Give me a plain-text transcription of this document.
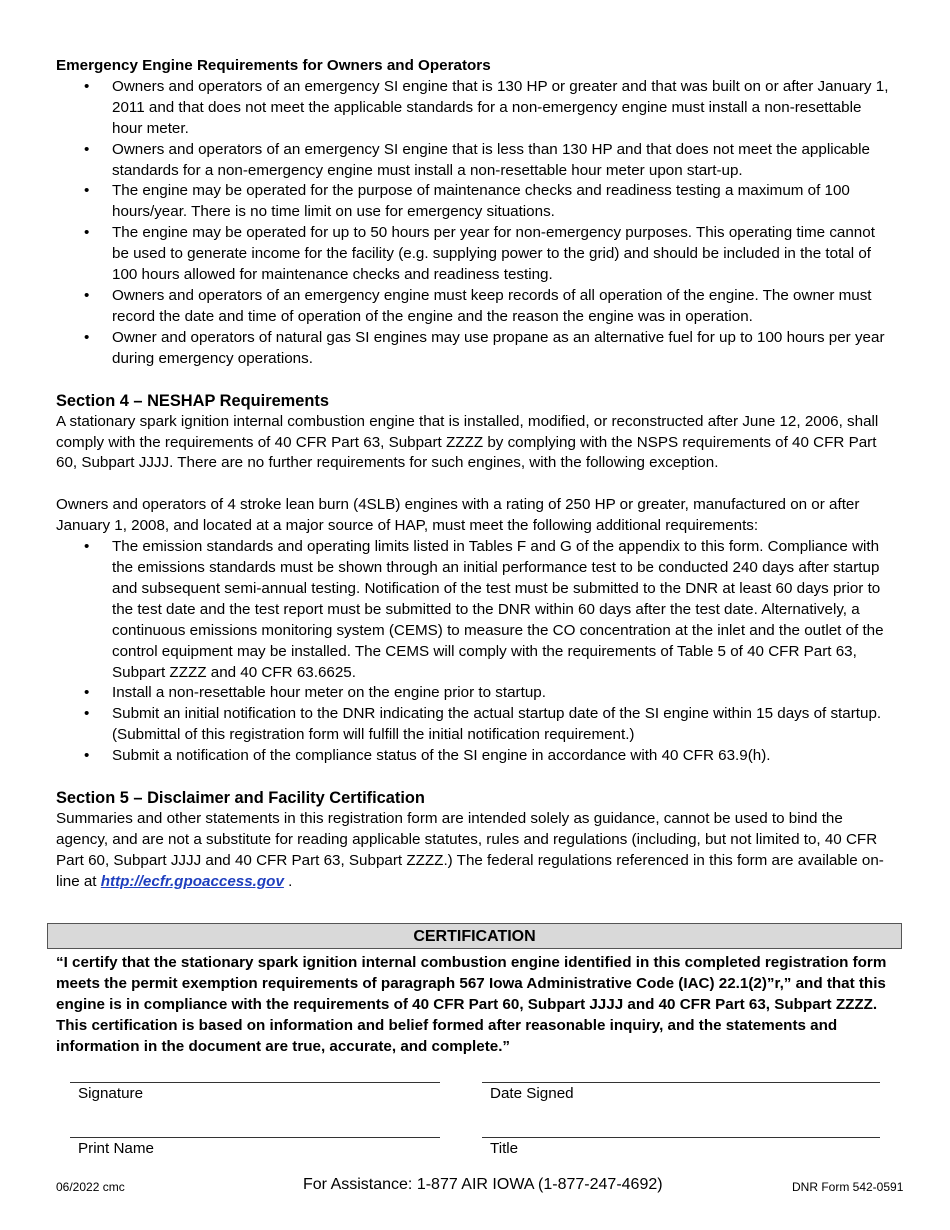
Emergency Engine Requirements for Owners and Operators
• Owners and operators of an emergency SI engine that is 130 HP or greater and that was built on or after January 1, 2011 and that does not meet the applicable standards for a non-emergency engine must install a non-resettable hour meter.
• Owners and operators of an emergency SI engine that is less than 130 HP and that does not meet the applicable standards for a non-emergency engine must install a non-resettable hour meter upon start-up.
• The engine may be operated for the purpose of maintenance checks and readiness testing a maximum of 100 hours/year. There is no time limit on use for emergency situations.
• The engine may be operated for up to 50 hours per year for non-emergency purposes. This operating time cannot be used to generate income for the facility (e.g. supplying power to the grid) and should be included in the total of 100 hours allowed for maintenance checks and readiness testing.
• Owners and operators of an emergency engine must keep records of all operation of the engine. The owner must record the date and time of operation of the engine and the reason the engine was in operation.
• Owner and operators of natural gas SI engines may use propane as an alternative fuel for up to 100 hours per year during emergency operations.
Section 4 – NESHAP Requirements

A stationary spark ignition internal combustion engine that is installed, modified, or reconstructed after June 12, 2006, shall comply with the requirements of 40 CFR Part 63, Subpart ZZZZ by complying with the NSPS requirements of 40 CFR Part 60, Subpart JJJJ. There are no further requirements for such engines, with the following exception.

Owners and operators of 4 stroke lean burn (4SLB) engines with a rating of 250 HP or greater, manufactured on or after January 1, 2008, and located at a major source of HAP, must meet the following additional requirements:

• The emission standards and operating limits listed in Tables F and G of the appendix to this form. Compliance with the emissions standards must be shown through an initial performance test to be conducted 240 days after startup and subsequent semi-annual testing. Notification of the test must be submitted to the DNR at least 60 days prior to the test date and the test report must be submitted to the DNR within 60 days after the test date. Alternatively, a continuous emissions monitoring system (CEMS) to measure the CO concentration at the inlet and the outlet of the control equipment may be installed. The CEMS will comply with the requirements of Table 5 of 40 CFR Part 63, Subpart ZZZZ and 40 CFR 63.6625.
• Install a non-resettable hour meter on the engine prior to startup.
• Submit an initial notification to the DNR indicating the actual startup date of the SI engine within 15 days of startup. (Submittal of this registration form will fulfill the initial notification requirement.)
• Submit a notification of the compliance status of the SI engine in accordance with 40 CFR 63.9(h).
Section 5 – Disclaimer and Facility Certification

Summaries and other statements in this registration form are intended solely as guidance, cannot be used to bind the agency, and are not a substitute for reading applicable statutes, rules and regulations (including, but not limited to, 40 CFR Part 60, Subpart JJJJ and 40 CFR Part 63, Subpart ZZZZ.) The federal regulations referenced in this form are available on-line at http://ecfr.gpoaccess.gov .

CERTIFICATION
“I certify that the stationary spark ignition internal combustion engine identified in this completed registration form meets the permit exemption requirements of paragraph 567 Iowa Administrative Code (IAC) 22.1(2)”r,” and that this engine is in compliance with the requirements of 40 CFR Part 60, Subpart JJJJ and 40 CFR Part 63, Subpart ZZZZ. This certification is based on information and belief formed after reasonable inquiry, and the statements and information in the document are true, accurate, and complete.”
Signature	Date Signed
Print Name	Title
06/2022 cmc	For Assistance: 1-877 AIR IOWA (1-877-247-4692)	DNR Form 542-0591
